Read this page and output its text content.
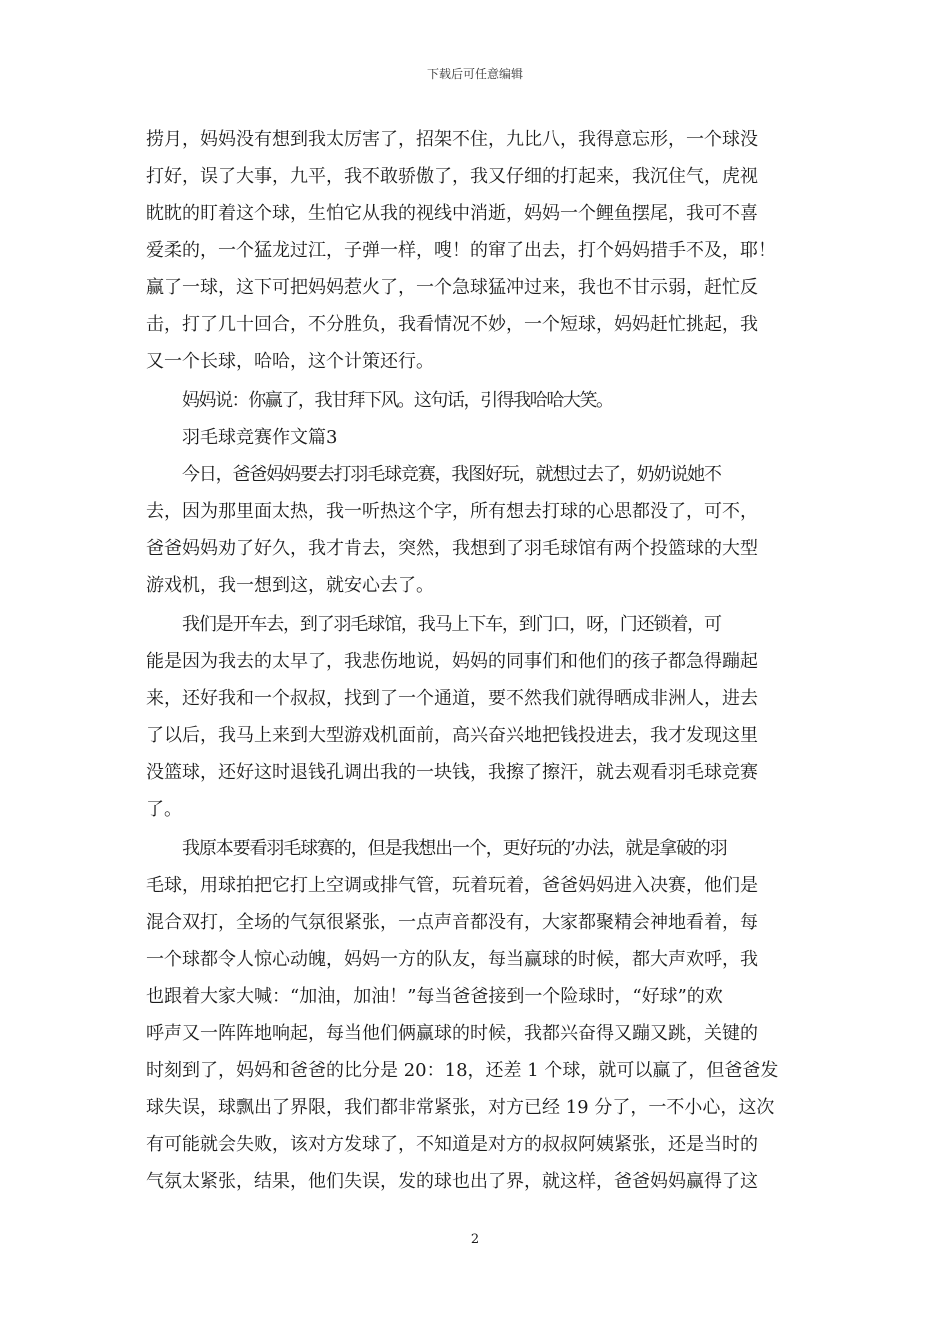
下载后可任意编辑
捞月，妈妈没有想到我太厉害了，招架不住，九比八，我得意忘形，一个球没
打好，误了大事，九平，我不敢骄傲了，我又仔细的打起来，我沉住气，虎视
眈眈的盯着这个球，生怕它从我的视线中消逝，妈妈一个鲤鱼摆尾，我可不喜
爱柔的，一个猛龙过江，子弹一样，嗖！的窜了出去，打个妈妈措手不及，耶！
赢了一球，这下可把妈妈惹火了，一个急球猛冲过来，我也不甘示弱，赶忙反
击，打了几十回合，不分胜负，我看情况不妙，一个短球，妈妈赶忙挑起，我
又一个长球，哈哈，这个计策还行。
妈妈说：你赢了，我甘拜下风。这句话，引得我哈哈大笑。
羽毛球竞赛作文篇3
今日，爸爸妈妈要去打羽毛球竞赛，我图好玩，就想过去了，奶奶说她不
去，因为那里面太热，我一听热这个字，所有想去打球的心思都没了，可不，
爸爸妈妈劝了好久，我才肯去，突然，我想到了羽毛球馆有两个投篮球的大型
游戏机，我一想到这，就安心去了。
我们是开车去，到了羽毛球馆，我马上下车，到门口，呀，门还锁着，可
能是因为我去的太早了，我悲伤地说，妈妈的同事们和他们的孩子都急得蹦起
来，还好我和一个叔叔，找到了一个通道，要不然我们就得晒成非洲人，进去
了以后，我马上来到大型游戏机面前，高兴奋兴地把钱投进去，我才发现这里
没篮球，还好这时退钱孔调出我的一块钱，我擦了擦汗，就去观看羽毛球竞赛
了。
我原本要看羽毛球赛的，但是我想出一个，更好玩的’办法，就是拿破的羽
毛球，用球拍把它打上空调或排气管，玩着玩着，爸爸妈妈进入决赛，他们是
混合双打，全场的气氛很紧张，一点声音都没有，大家都聚精会神地看着，每
一个球都令人惊心动魄，妈妈一方的队友，每当赢球的时候，都大声欢呼，我
也跟着大家大喊：“加油，加油！”每当爸爸接到一个险球时，“好球”的欢
呼声又一阵阵地响起，每当他们俩赢球的时候，我都兴奋得又蹦又跳，关键的
时刻到了，妈妈和爸爸的比分是 20：18，还差 1 个球，就可以赢了，但爸爸发
球失误，球飘出了界限，我们都非常紧张，对方已经 19 分了，一不小心，这次
有可能就会失败，该对方发球了，不知道是对方的叔叔阿姨紧张，还是当时的
气氛太紧张，结果，他们失误，发的球也出了界，就这样，爸爸妈妈赢得了这
2
